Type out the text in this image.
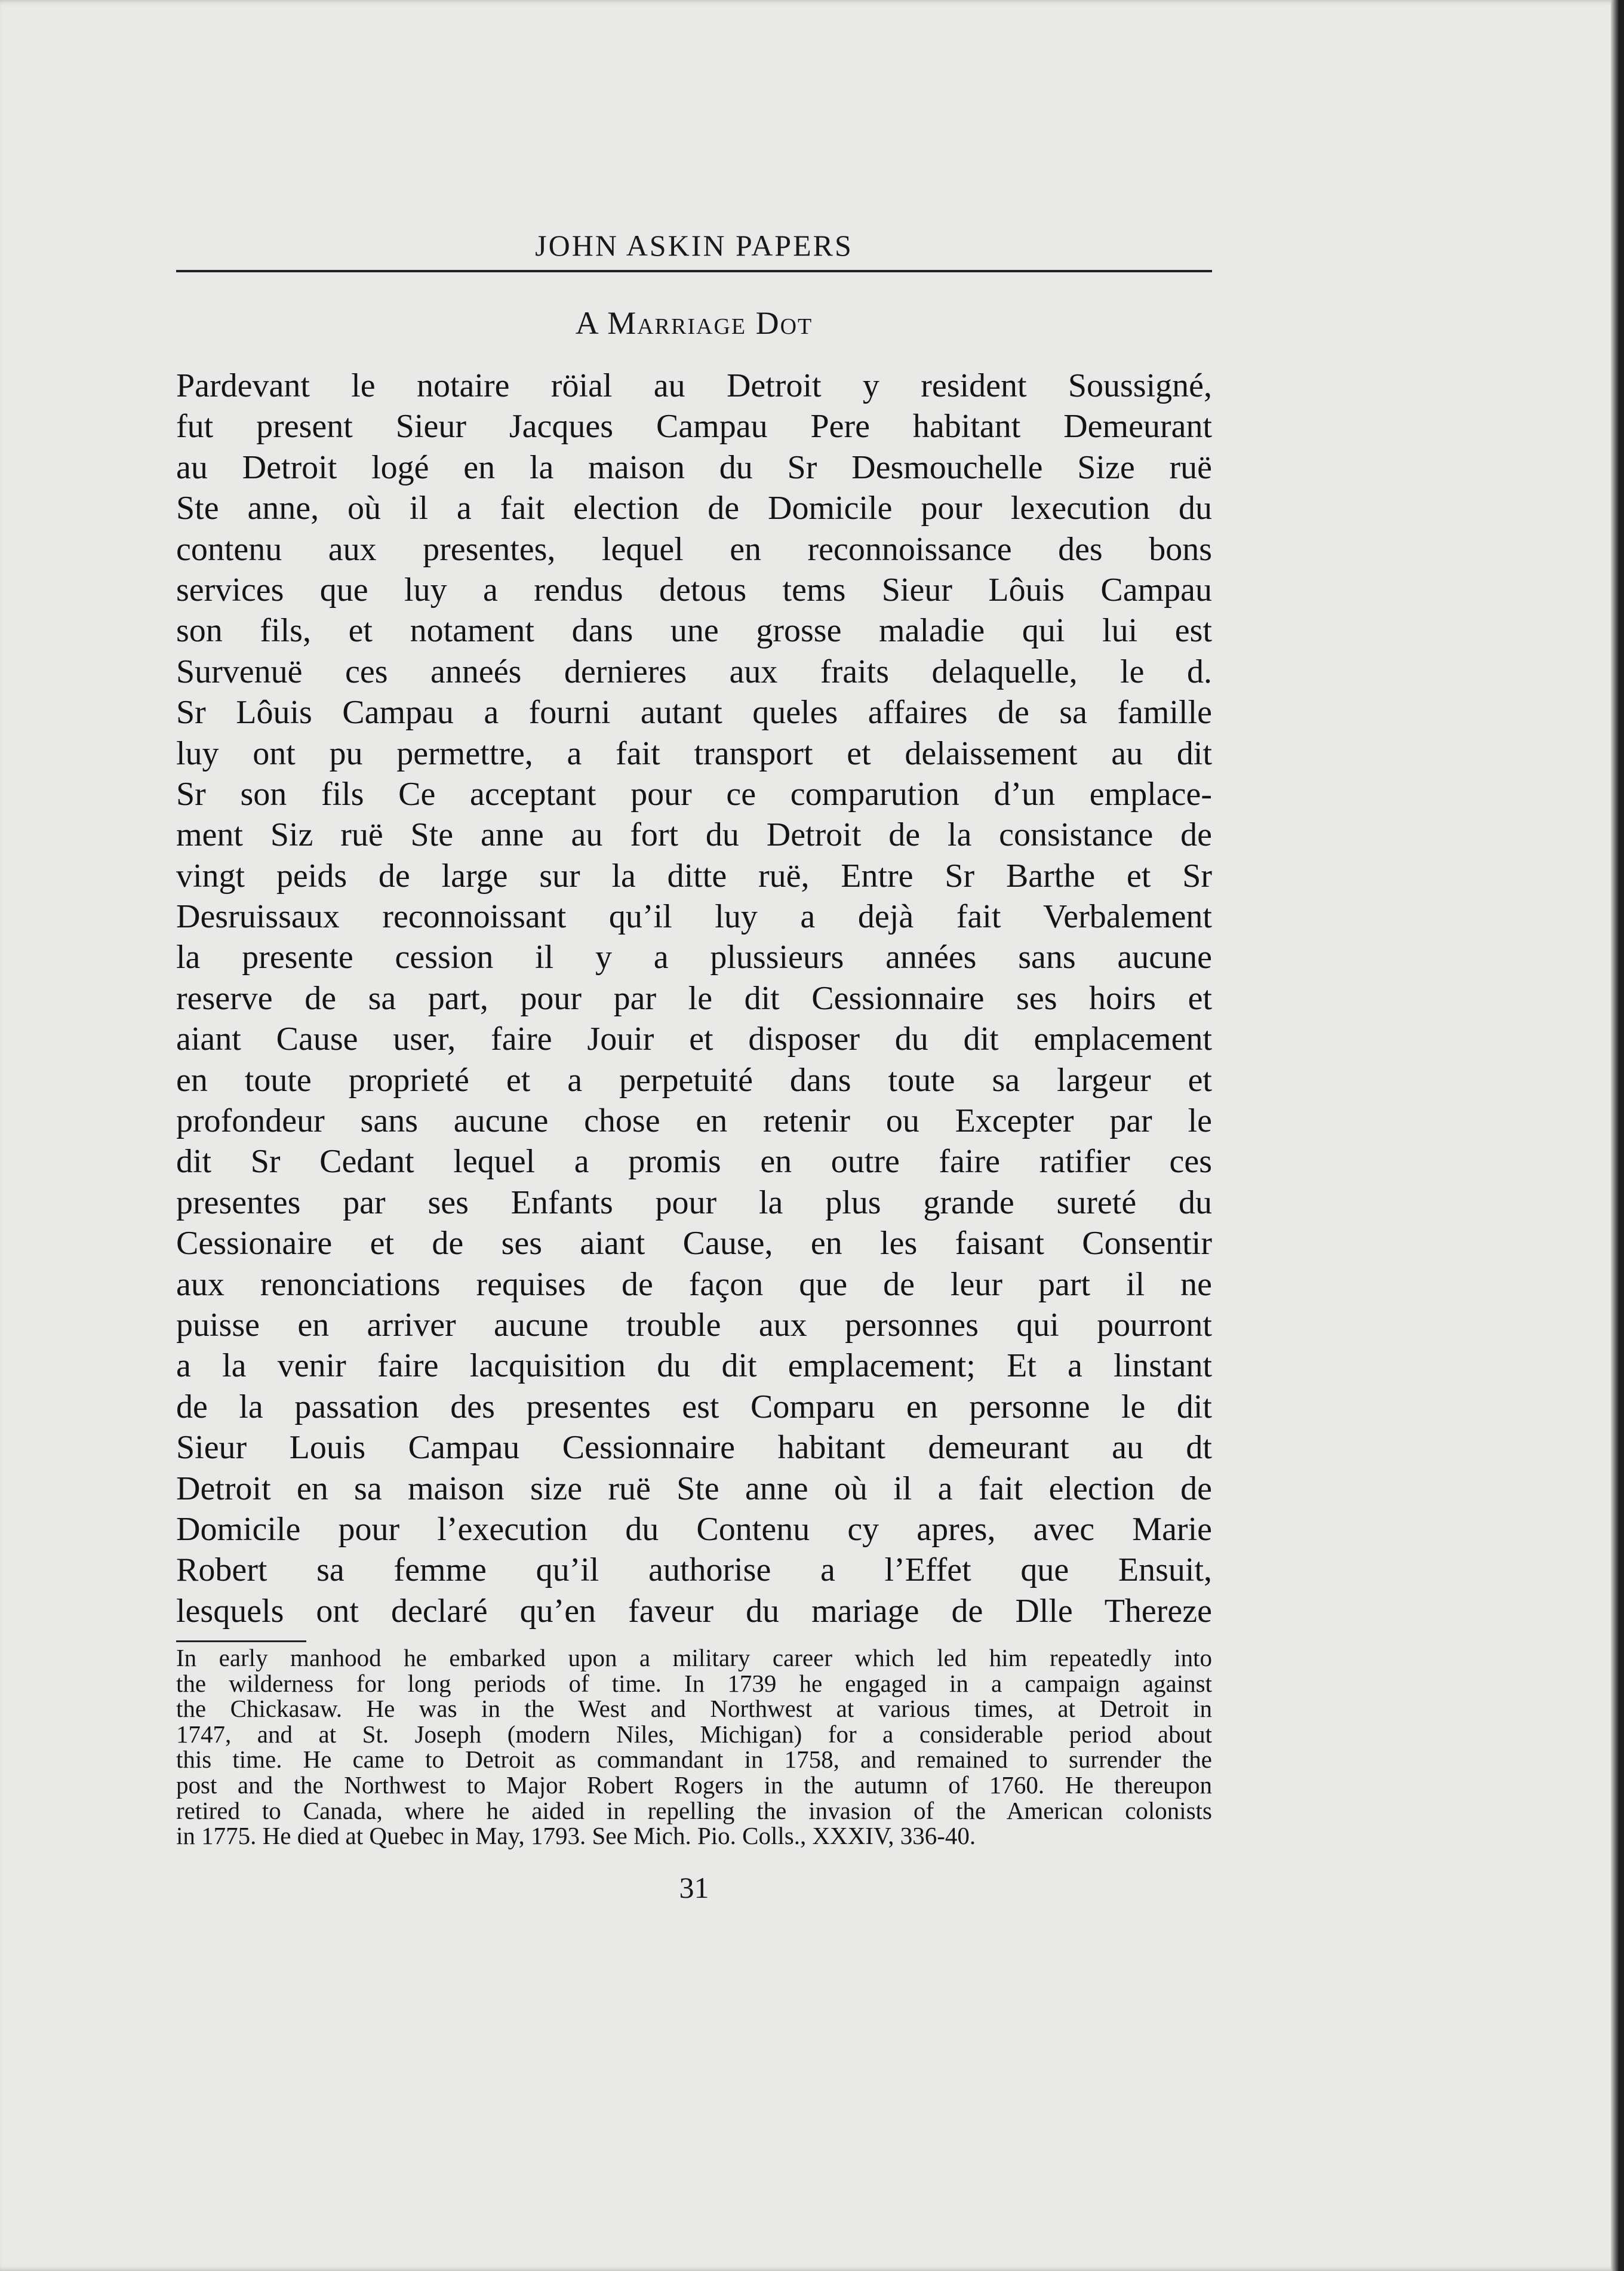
JOHN ASKIN PAPERS
A Marriage Dot
Pardevant le notaire röial au Detroit y resident Soussigné,
fut present Sieur Jacques Campau Pere habitant Demeurant
au Detroit logé en la maison du Sr Desmouchelle Size ruë
Ste anne, où il a fait election de Domicile pour lexecution du
contenu aux presentes, lequel en reconnoissance des bons
services que luy a rendus detous tems Sieur Lôuis Campau
son fils, et notament dans une grosse maladie qui lui est
Survenuë ces anneés dernieres aux fraits delaquelle, le d.
Sr Lôuis Campau a fourni autant queles affaires de sa famille
luy ont pu permettre, a fait transport et delaissement au dit
Sr son fils Ce acceptant pour ce comparution d’un emplace-
ment Siz ruë Ste anne au fort du Detroit de la consistance de
vingt peids de large sur la ditte ruë, Entre Sr Barthe et Sr
Desruissaux reconnoissant qu’il luy a dejà fait Verbalement
la presente cession il y a plussieurs années sans aucune
reserve de sa part, pour par le dit Cessionnaire ses hoirs et
aiant Cause user, faire Jouir et disposer du dit emplacement
en toute proprieté et a perpetuité dans toute sa largeur et
profondeur sans aucune chose en retenir ou Excepter par le
dit Sr Cedant lequel a promis en outre faire ratifier ces
presentes par ses Enfants pour la plus grande sureté du
Cessionaire et de ses aiant Cause, en les faisant Consentir
aux renonciations requises de façon que de leur part il ne
puisse en arriver aucune trouble aux personnes qui pourront
a la venir faire lacquisition du dit emplacement; Et a linstant
de la passation des presentes est Comparu en personne le dit
Sieur Louis Campau Cessionnaire habitant demeurant au dt
Detroit en sa maison size ruë Ste anne où il a fait election de
Domicile pour l’execution du Contenu cy apres, avec Marie
Robert sa femme qu’il authorise a l’Effet que Ensuit,
lesquels ont declaré qu’en faveur du mariage de Dlle Thereze
In early manhood he embarked upon a military career which led him repeatedly into
the wilderness for long periods of time. In 1739 he engaged in a campaign against
the Chickasaw. He was in the West and Northwest at various times, at Detroit in
1747, and at St. Joseph (modern Niles, Michigan) for a considerable period about
this time. He came to Detroit as commandant in 1758, and remained to surrender the
post and the Northwest to Major Robert Rogers in the autumn of 1760. He thereupon
retired to Canada, where he aided in repelling the invasion of the American colonists
in 1775. He died at Quebec in May, 1793. See Mich. Pio. Colls., XXXIV, 336-40.
31
